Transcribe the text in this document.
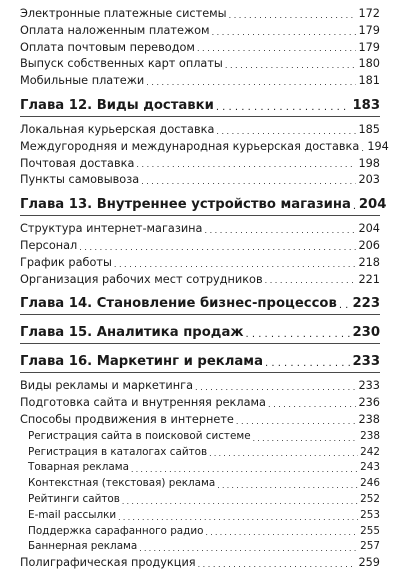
Электронные платежные системы . . .	172
Оплата наложенным платежом . . .	179
Оплата почтовым переводом . . .	179
Выпуск собственных карт оплаты . . .	180
Мобильные платежи . . .	181
Глава 12. Виды доставки . . .	183
Локальная курьерская доставка . . .	185
Междугородняя и международная курьерская доставка . . . 194
Почтовая доставка . . .	198
Пункты самовывоза . . .	203
Глава 13. Внутреннее устройство магазина . . . 204
Структура интернет-магазина . . .	204
Персонал . . .	206
График работы . . .	218
Организация рабочих мест сотрудников . . .	221
Глава 14. Становление бизнес-процессов . . . 223
Глава 15. Аналитика продаж . . .	230
Глава 16. Маркетинг и реклама . . .	233
Виды рекламы и маркетинга . . .	233
Подготовка сайта и внутренняя реклама . . .	236
Способы продвижения в интернете . . .	238
Регистрация сайта в поисковой системе . . .	238
Регистрация в каталогах сайтов . . .	242
Товарная реклама . . .	243
Контекстная (текстовая) реклама . . .	246
Рейтинги сайтов . . .	252
E-mail рассылки . . .	253
Поддержка сарафанного радио . . .	255
Баннерная реклама . . .	257
Полиграфическая продукция . . .	259
